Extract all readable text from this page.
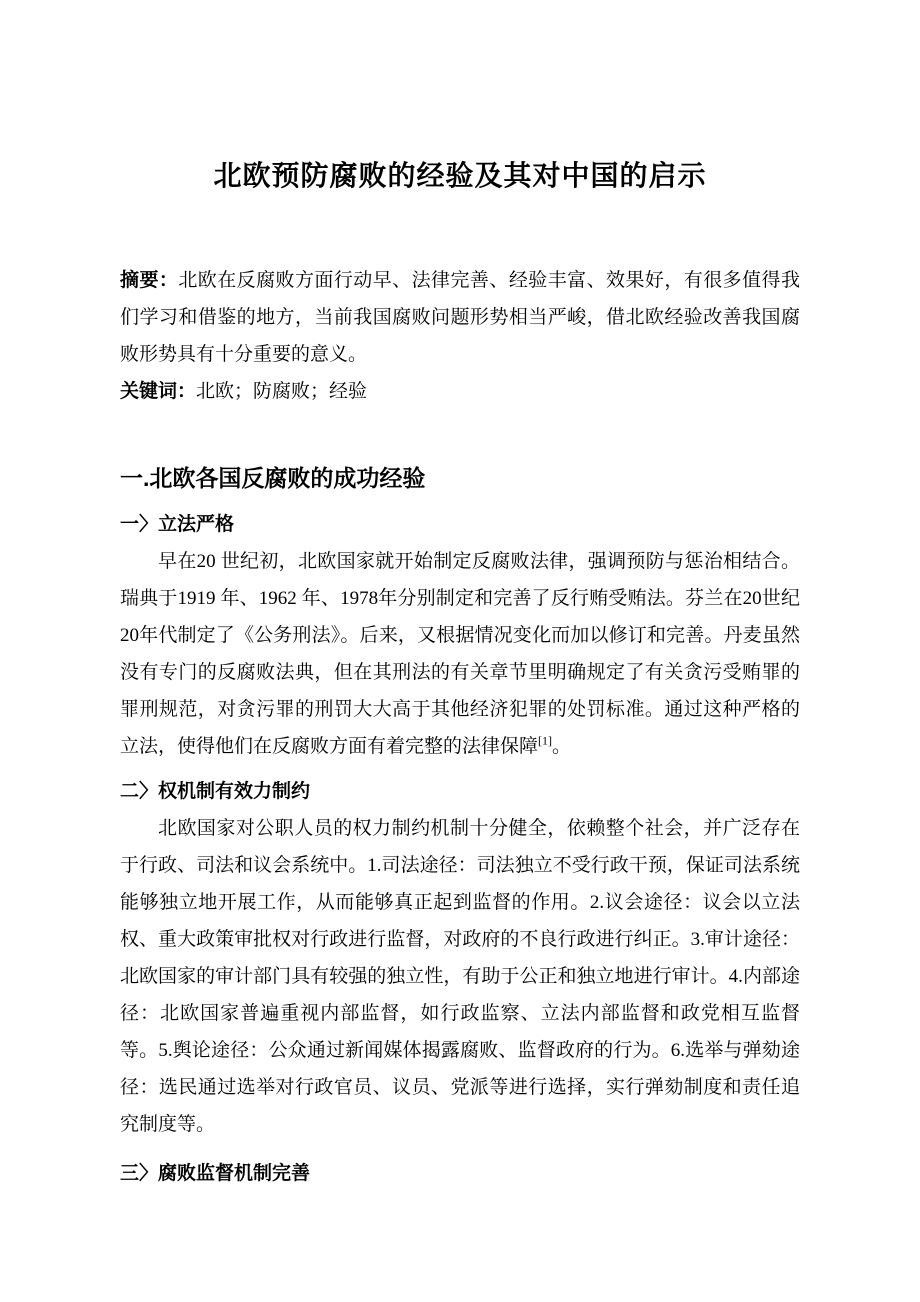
北欧预防腐败的经验及其对中国的启示

摘要：北欧在反腐败方面行动早、法律完善、经验丰富、效果好，有很多值得我们学习和借鉴的地方，当前我国腐败问题形势相当严峻，借北欧经验改善我国腐败形势具有十分重要的意义。

关键词：北欧；防腐败；经验

一.北欧各国反腐败的成功经验
一〉立法严格

早在20 世纪初，北欧国家就开始制定反腐败法律，强调预防与惩治相结合。瑞典于1919 年、1962 年、1978年分别制定和完善了反行贿受贿法。芬兰在20世纪20年代制定了《公务刑法》。后来，又根据情况变化而加以修订和完善。丹麦虽然没有专门的反腐败法典，但在其刑法的有关章节里明确规定了有关贪污受贿罪的罪刑规范，对贪污罪的刑罚大大高于其他经济犯罪的处罚标准。通过这种严格的立法，使得他们在反腐败方面有着完整的法律保障[1]。

二〉权机制有效力制约

北欧国家对公职人员的权力制约机制十分健全，依赖整个社会，并广泛存在于行政、司法和议会系统中。1.司法途径：司法独立不受行政干预，保证司法系统能够独立地开展工作，从而能够真正起到监督的作用。2.议会途径：议会以立法权、重大政策审批权对行政进行监督，对政府的不良行政进行纠正。3.审计途径：北欧国家的审计部门具有较强的独立性，有助于公正和独立地进行审计。4.内部途径：北欧国家普遍重视内部监督，如行政监察、立法内部监督和政党相互监督等。5.舆论途径：公众通过新闻媒体揭露腐败、监督政府的行为。6.选举与弹劾途径：选民通过选举对行政官员、议员、党派等进行选择，实行弹劾制度和责任追究制度等。

三〉腐败监督机制完善
